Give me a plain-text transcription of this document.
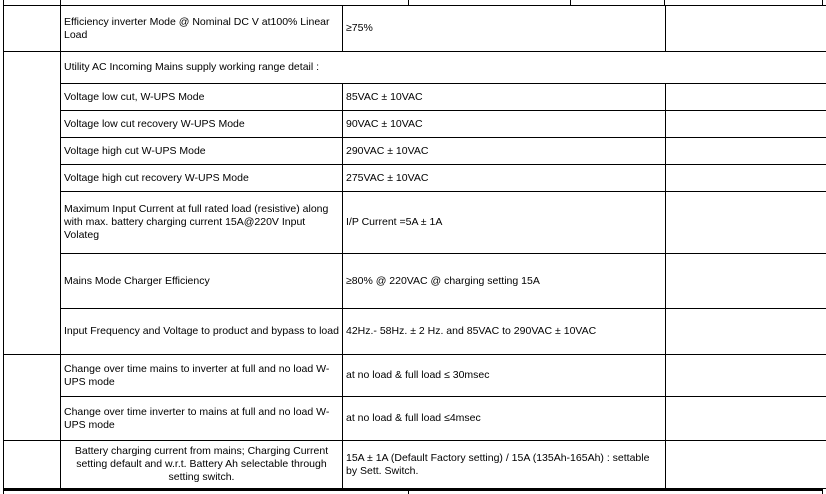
	Efficiency inverter Mode @ Nominal DC V at100% Linear Load	≥75%	
	Utility AC Incoming Mains supply working range detail :		
	Voltage low cut, W-UPS Mode	85VAC ± 10VAC	
	Voltage low cut recovery W-UPS Mode	90VAC ± 10VAC	
	Voltage high cut W-UPS Mode	290VAC ± 10VAC	
	Voltage high cut recovery W-UPS Mode	275VAC ± 10VAC	
	Maximum Input Current at full rated load (resistive) along with max. battery charging current 15A@220V Input Volateg	I/P Current =5A ± 1A	
	Mains Mode Charger Efficiency	≥80% @ 220VAC @ charging setting 15A	
	Input Frequency and Voltage to product and bypass to load	42Hz.- 58Hz. ± 2 Hz. and 85VAC to 290VAC ± 10VAC	
	Change over time mains to inverter at full and no load W-UPS mode	at no load & full load ≤ 30msec	
	Change over time inverter to mains at full and no load W-UPS mode	at no load & full load ≤4msec	
	Battery charging current from mains; Charging Current setting default and w.r.t. Battery Ah selectable through setting switch.	15A ± 1A (Default Factory setting) / 15A (135Ah-165Ah) : settable by Sett. Switch.	
